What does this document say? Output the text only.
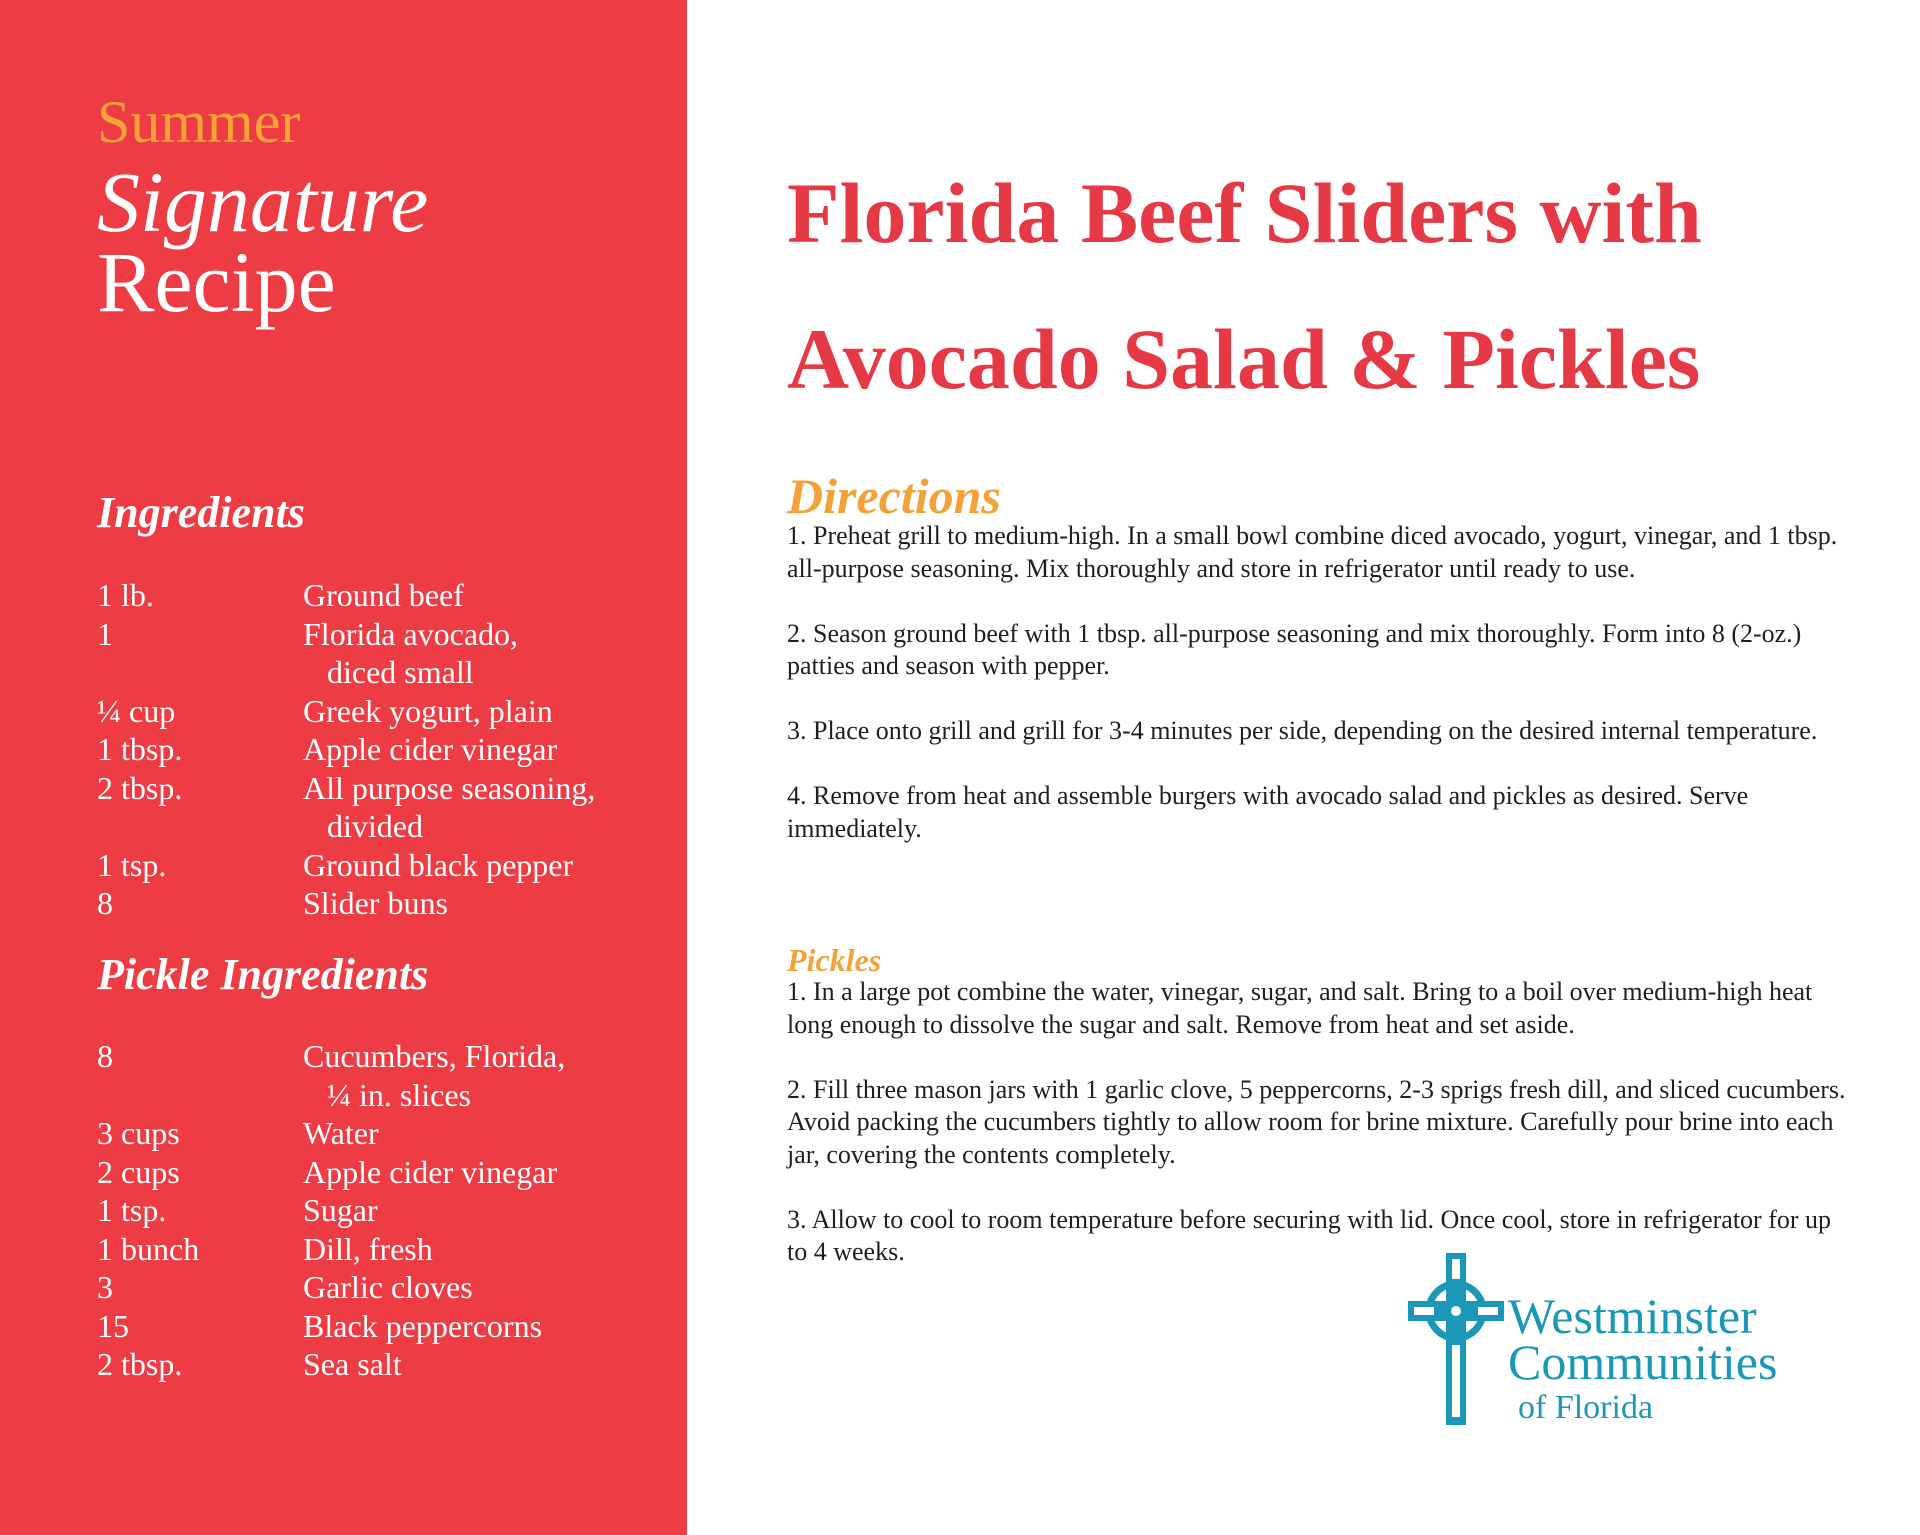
Summer
Signature
Recipe
Ingredients
1 lb.	Ground beef
1	Florida avocado,
diced small
¼ cup	Greek yogurt, plain
1 tbsp.	Apple cider vinegar
2 tbsp.	All purpose seasoning,
divided
1 tsp.	Ground black pepper
8	Slider buns
Pickle Ingredients
8	Cucumbers, Florida,
¼ in. slices
3 cups	Water
2 cups	Apple cider vinegar
1 tsp.	Sugar
1 bunch	Dill, fresh
3	Garlic cloves
15	Black peppercorns
2 tbsp.	Sea salt
Florida Beef Sliders with
Avocado Salad & Pickles
Directions

1. Preheat grill to medium-high. In a small bowl combine diced avocado, yogurt, vinegar, and 1 tbsp. all-purpose seasoning. Mix thoroughly and store in refrigerator until ready to use.

2. Season ground beef with 1 tbsp. all-purpose seasoning and mix thoroughly. Form into 8 (2-oz.) patties and season with pepper.

3. Place onto grill and grill for 3-4 minutes per side, depending on the desired internal temperature.

4. Remove from heat and assemble burgers with avocado salad and pickles as desired. Serve immediately.

Pickles

1. In a large pot combine the water, vinegar, sugar, and salt. Bring to a boil over medium-high heat long enough to dissolve the sugar and salt. Remove from heat and set aside.

2. Fill three mason jars with 1 garlic clove, 5 peppercorns, 2-3 sprigs fresh dill, and sliced cucumbers. Avoid packing the cucumbers tightly to allow room for brine mixture. Carefully pour brine into each jar, covering the contents completely.

3. Allow to cool to room temperature before securing with lid. Once cool, store in refrigerator for up to 4 weeks.

Westminster
Communities
of Florida
